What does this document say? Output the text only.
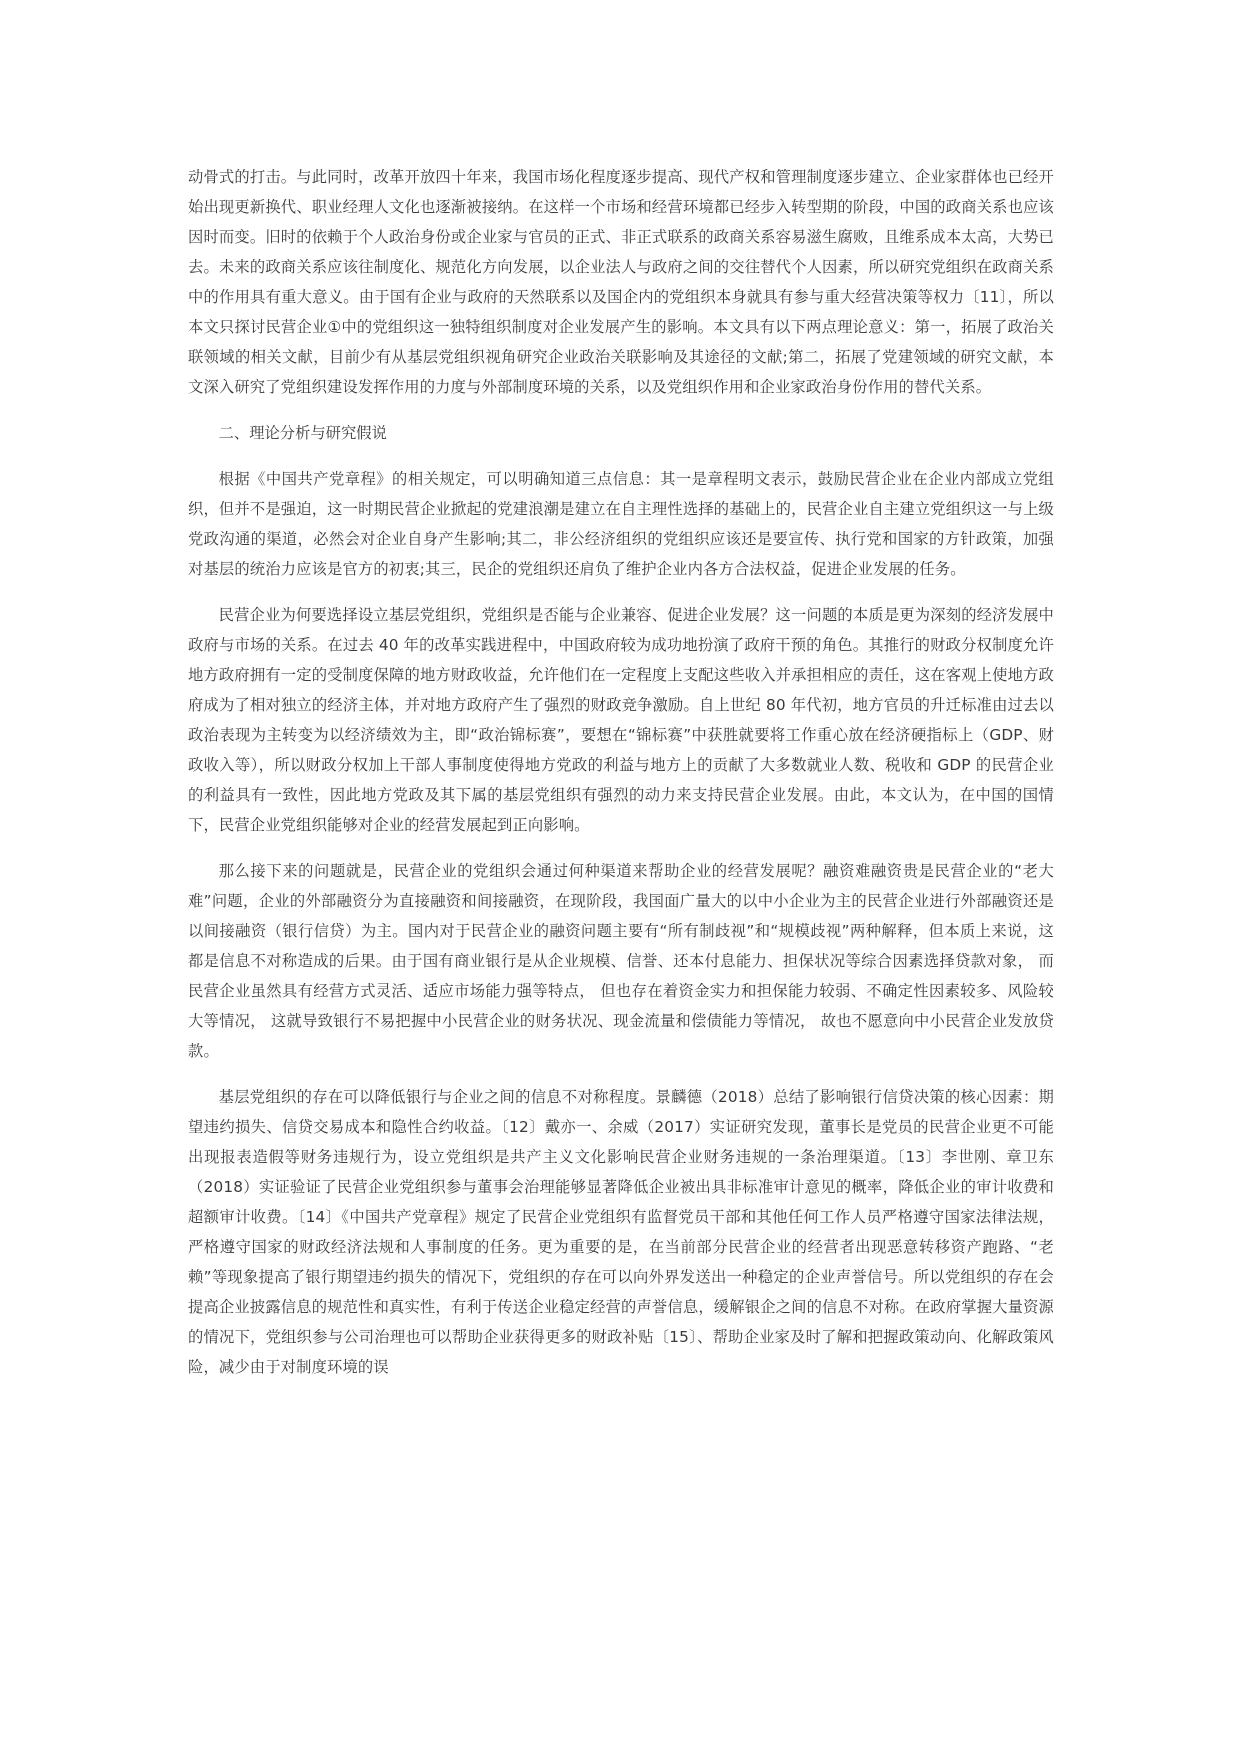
动骨式的打击。与此同时，改革开放四十年来，我国市场化程度逐步提高、现代产权和管理制度逐步建立、企业家群体也已经开始出现更新换代、职业经理人文化也逐渐被接纳。在这样一个市场和经营环境都已经步入转型期的阶段，中国的政商关系也应该因时而变。旧时的依赖于个人政治身份或企业家与官员的正式、非正式联系的政商关系容易滋生腐败，且维系成本太高，大势已去。未来的政商关系应该往制度化、规范化方向发展，以企业法人与政府之间的交往替代个人因素，所以研究党组织在政商关系中的作用具有重大意义。由于国有企业与政府的天然联系以及国企内的党组织本身就具有参与重大经营决策等权力〔11〕，所以本文只探讨民营企业①中的党组织这一独特组织制度对企业发展产生的影响。本文具有以下两点理论意义：第一，拓展了政治关联领域的相关文献，目前少有从基层党组织视角研究企业政治关联影响及其途径的文献;第二，拓展了党建领域的研究文献，本文深入研究了党组织建设发挥作用的力度与外部制度环境的关系，以及党组织作用和企业家政治身份作用的替代关系。

二、理论分析与研究假说

根据《中国共产党章程》的相关规定，可以明确知道三点信息：其一是章程明文表示，鼓励民营企业在企业内部成立党组织，但并不是强迫，这一时期民营企业掀起的党建浪潮是建立在自主理性选择的基础上的，民营企业自主建立党组织这一与上级党政沟通的渠道，必然会对企业自身产生影响;其二，非公经济组织的党组织应该还是要宣传、执行党和国家的方针政策，加强对基层的统治力应该是官方的初衷;其三，民企的党组织还肩负了维护企业内各方合法权益，促进企业发展的任务。

民营企业为何要选择设立基层党组织，党组织是否能与企业兼容、促进企业发展？这一问题的本质是更为深刻的经济发展中政府与市场的关系。在过去 40 年的改革实践进程中，中国政府较为成功地扮演了政府干预的角色。其推行的财政分权制度允许地方政府拥有一定的受制度保障的地方财政收益，允许他们在一定程度上支配这些收入并承担相应的责任，这在客观上使地方政府成为了相对独立的经济主体，并对地方政府产生了强烈的财政竞争激励。自上世纪 80 年代初，地方官员的升迁标准由过去以政治表现为主转变为以经济绩效为主，即“政治锦标赛”，要想在“锦标赛”中获胜就要将工作重心放在经济硬指标上（GDP、财政收入等），所以财政分权加上干部人事制度使得地方党政的利益与地方上的贡献了大多数就业人数、税收和 GDP 的民营企业的利益具有一致性，因此地方党政及其下属的基层党组织有强烈的动力来支持民营企业发展。由此，本文认为，在中国的国情下，民营企业党组织能够对企业的经营发展起到正向影响。

那么接下来的问题就是，民营企业的党组织会通过何种渠道来帮助企业的经营发展呢？融资难融资贵是民营企业的“老大难”问题，企业的外部融资分为直接融资和间接融资，在现阶段，我国面广量大的以中小企业为主的民营企业进行外部融资还是以间接融资（银行信贷）为主。国内对于民营企业的融资问题主要有“所有制歧视”和“规模歧视”两种解释，但本质上来说，这都是信息不对称造成的后果。由于国有商业银行是从企业规模、信誉、还本付息能力、担保状况等综合因素选择贷款对象， 而民营企业虽然具有经营方式灵活、适应市场能力强等特点， 但也存在着资金实力和担保能力较弱、不确定性因素较多、风险较大等情况， 这就导致银行不易把握中小民营企业的财务状况、现金流量和偿债能力等情况， 故也不愿意向中小民营企业发放贷款。

基层党组织的存在可以降低银行与企业之间的信息不对称程度。景麟德（2018）总结了影响银行信贷决策的核心因素：期望违约损失、信贷交易成本和隐性合约收益。〔12〕戴亦一、余威（2017）实证研究发现，董事长是党员的民营企业更不可能出现报表造假等财务违规行为，设立党组织是共产主义文化影响民营企业财务违规的一条治理渠道。〔13〕李世刚、章卫东（2018）实证验证了民营企业党组织参与董事会治理能够显著降低企业被出具非标准审计意见的概率，降低企业的审计收费和超额审计收费。〔14〕《中国共产党章程》规定了民营企业党组织有监督党员干部和其他任何工作人员严格遵守国家法律法规，严格遵守国家的财政经济法规和人事制度的任务。更为重要的是，在当前部分民营企业的经营者出现恶意转移资产跑路、“老赖”等现象提高了银行期望违约损失的情况下，党组织的存在可以向外界发送出一种稳定的企业声誉信号。所以党组织的存在会提高企业披露信息的规范性和真实性，有利于传送企业稳定经营的声誉信息，缓解银企之间的信息不对称。在政府掌握大量资源的情况下，党组织参与公司治理也可以帮助企业获得更多的财政补贴〔15〕、帮助企业家及时了解和把握政策动向、化解政策风险，减少由于对制度环境的误
